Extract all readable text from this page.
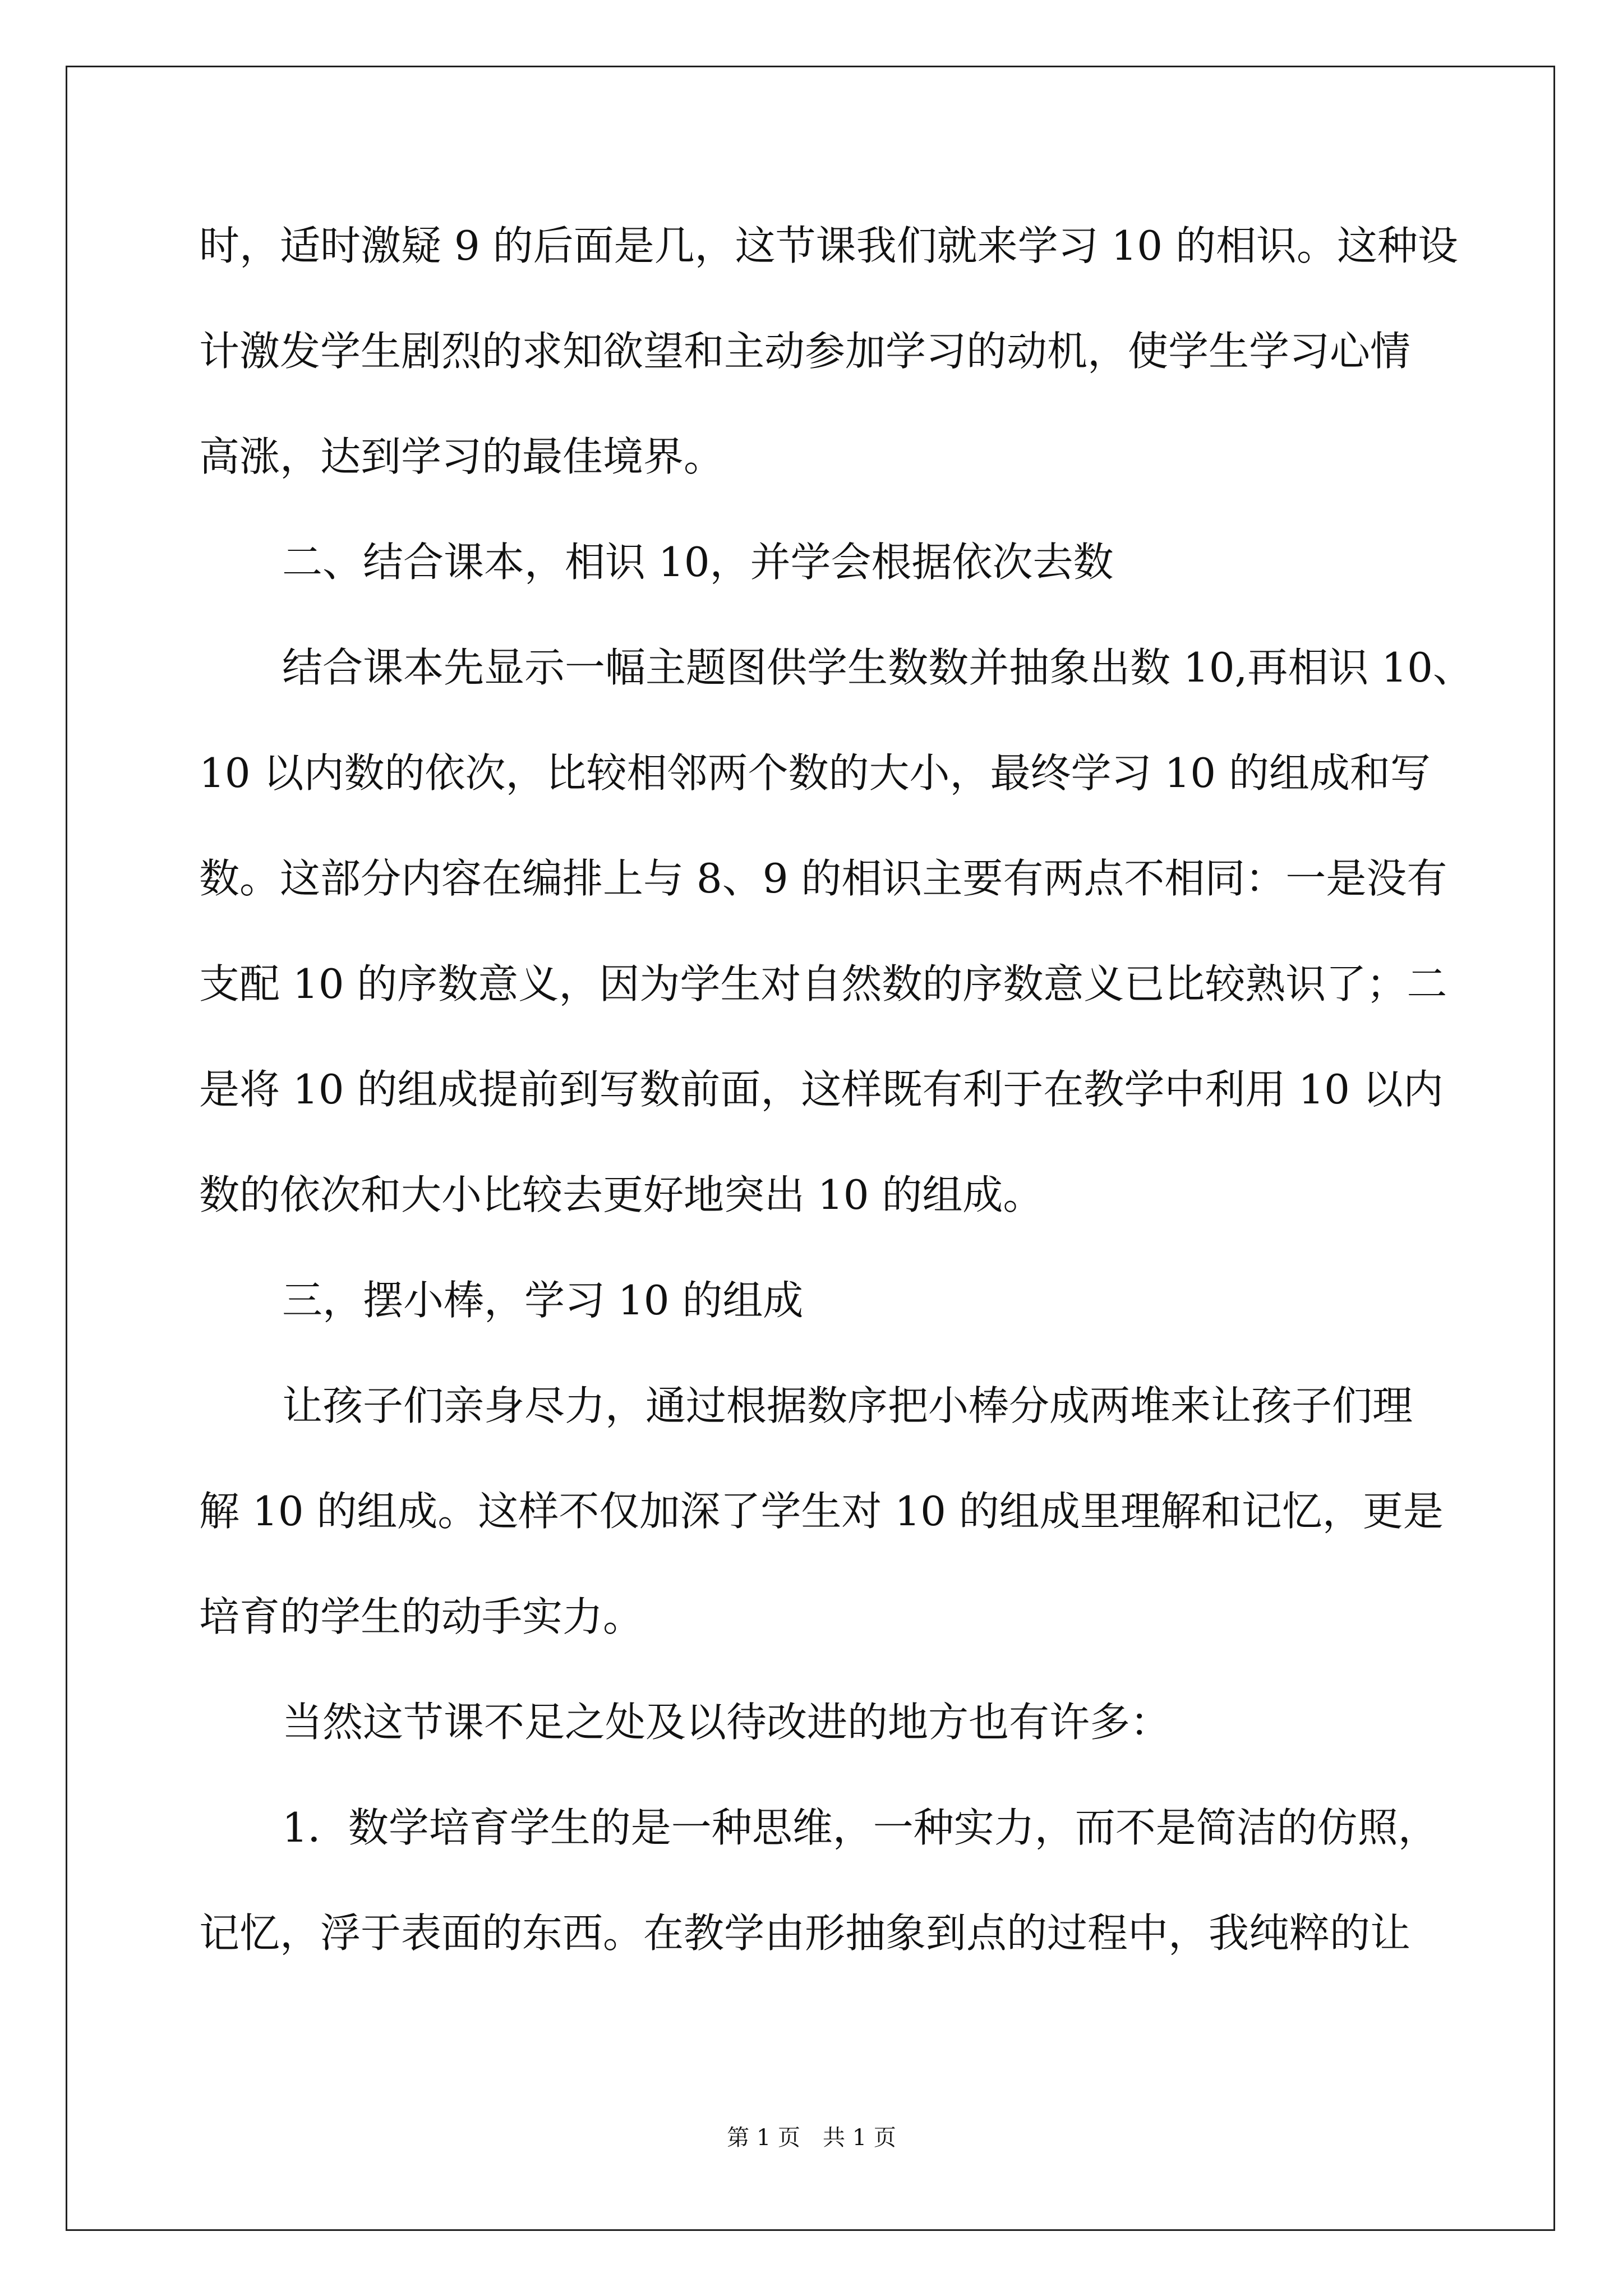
时，适时激疑 9 的后面是几，这节课我们就来学习 10 的相识。这种设
计激发学生剧烈的求知欲望和主动参加学习的动机，使学生学习心情
高涨，达到学习的最佳境界。
二、结合课本，相识 10，并学会根据依次去数
结合课本先显示一幅主题图供学生数数并抽象出数 10,再相识 10、
10 以内数的依次，比较相邻两个数的大小，最终学习 10 的组成和写
数。这部分内容在编排上与 8、9 的相识主要有两点不相同：一是没有
支配 10 的序数意义，因为学生对自然数的序数意义已比较熟识了；二
是将 10 的组成提前到写数前面，这样既有利于在教学中利用 10 以内
数的依次和大小比较去更好地突出 10 的组成。
三，摆小棒，学习 10 的组成
让孩子们亲身尽力，通过根据数序把小棒分成两堆来让孩子们理
解 10 的组成。这样不仅加深了学生对 10 的组成里理解和记忆，更是
培育的学生的动手实力。
当然这节课不足之处及以待改进的地方也有许多：
1．数学培育学生的是一种思维，一种实力，而不是简洁的仿照，
记忆，浮于表面的东西。在教学由形抽象到点的过程中，我纯粹的让
第 1 页　共 1 页
